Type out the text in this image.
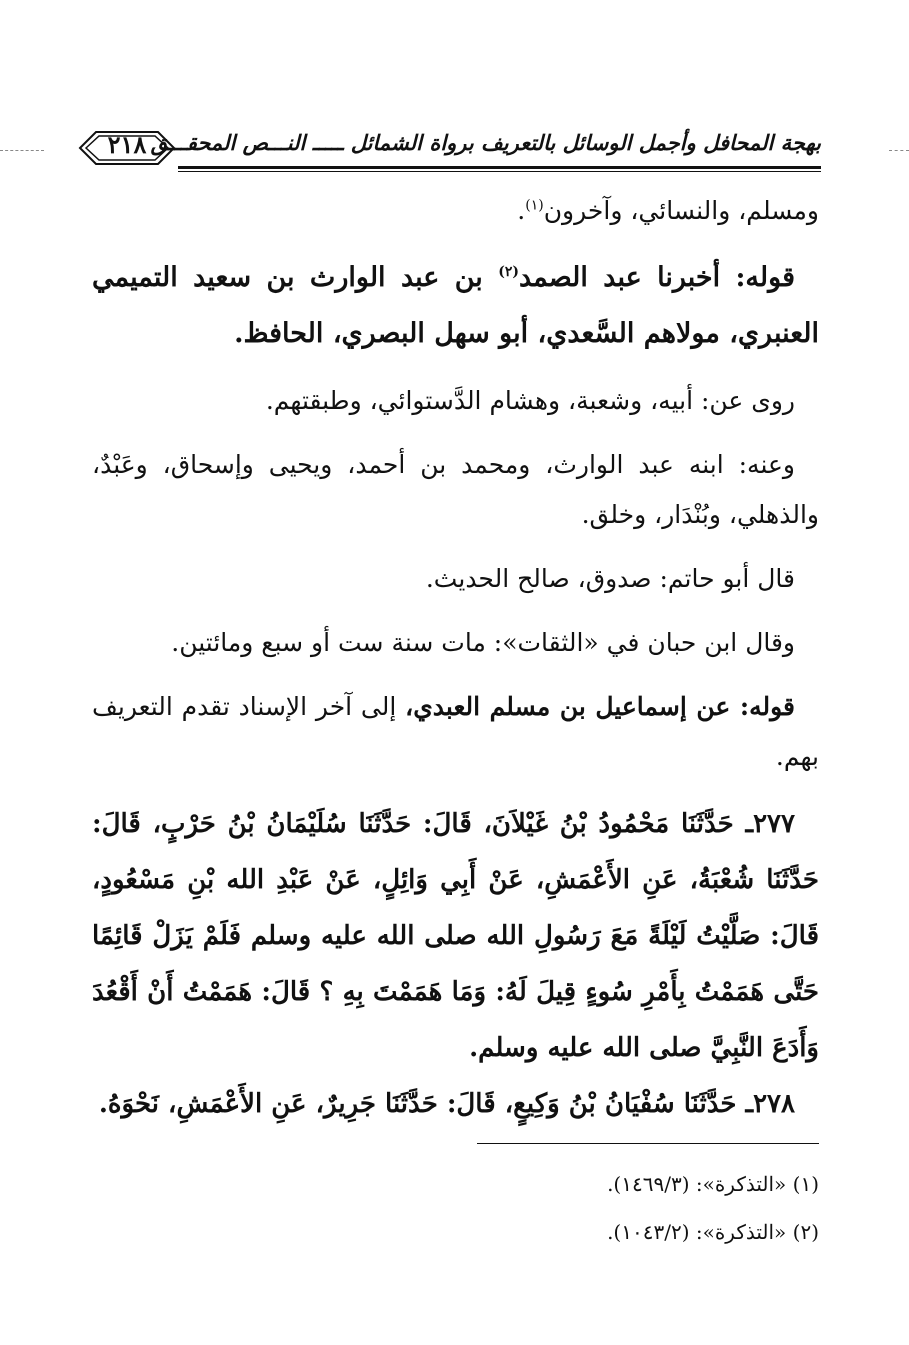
بهجة المحافل وأجمل الوسائل بالتعريف برواة الشمائل ـــــ النـــص المحقـــق
٢١٨

ومسلم، والنسائي، وآخرون$^{(١)}$.

قوله: أخبرنا عبد الصمد$^{(٢)}$ بن عبد الوارث بن سعيد التميمي العنبري، مولاهم السَّعدي، أبو سهل البصري، الحافظ.

روى عن: أبيه، وشعبة، وهشام الدَّستوائي، وطبقتهم.

وعنه: ابنه عبد الوارث، ومحمد بن أحمد، ويحيى وإسحاق، وعَبْدٌ، والذهلي، وبُنْدَار، وخلق.

قال أبو حاتم: صدوق، صالح الحديث.

وقال ابن حبان في «الثقات»: مات سنة ست أو سبع ومائتين.

قوله: عن إسماعيل بن مسلم العبدي، إلى آخر الإسناد تقدم التعريف بهم.

٢٧٧ـ حَدَّثَنَا مَحْمُودُ بْنُ غَيْلاَنَ، قَالَ: حَدَّثَنَا سُلَيْمَانُ بْنُ حَرْبٍ، قَالَ: حَدَّثَنَا شُعْبَةُ، عَنِ الأَعْمَشِ، عَنْ أَبِي وَائِلٍ، عَنْ عَبْدِ الله بْنِ مَسْعُودٍ، قَالَ: صَلَّيْتُ لَيْلَةً مَعَ رَسُولِ الله صلى الله عليه وسلم فَلَمْ يَزَلْ قَائِمًا حَتَّى هَمَمْتُ بِأَمْرِ سُوءٍ قِيلَ لَهُ: وَمَا هَمَمْتَ بِهِ ؟ قَالَ: هَمَمْتُ أَنْ أَقْعُدَ وَأَدَعَ النَّبِيَّ صلى الله عليه وسلم.

٢٧٨ـ حَدَّثَنَا سُفْيَانُ بْنُ وَكِيعٍ، قَالَ: حَدَّثَنَا جَرِيرٌ، عَنِ الأَعْمَشِ، نَحْوَهُ.

(١) «التذكرة»: (١٤٦٩/٣).

(٢) «التذكرة»: (١٠٤٣/٢).
